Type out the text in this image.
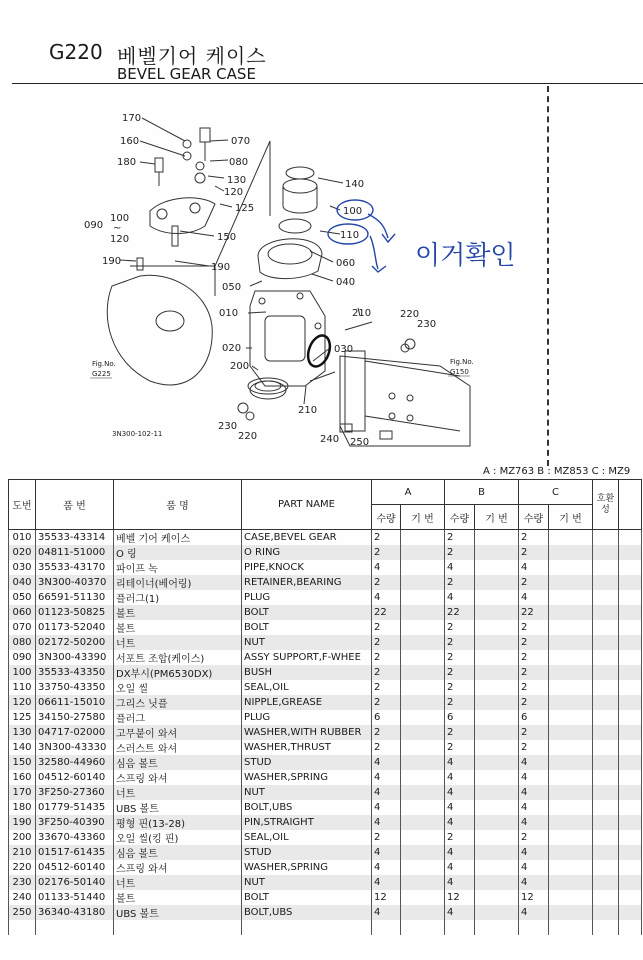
G220 베벨기어 케이스
BEVEL GEAR CASE
이거확인
170
070
160
080
180
130
120
125
140
090
100
~
120
100
110
150
190
190	060
050	040
010	210	220
230
020	030
200
210
230
220	240 250
Fig.No.
G225
Fig.No.
G150
3N300-102-11
A : MZ763 B : MZ853 C : MZ9
도번	품 번	품 명	PART NAME	A		B		C		호환성	
				수량	기 번	수량	기 번	수량	기 번		
010	35533-43314	베벨 기어 케이스	CASE,BEVEL GEAR	2		2		2			
020	04811-51000	O 링	O RING	2		2		2			
030	35533-43170	파이프 녹	PIPE,KNOCK	4		4		4			
040	3N300-40370	리테이너(베어링)	RETAINER,BEARING	2		2		2			
050	66591-51130	플러그(1)	PLUG	4		4		4			
060	01123-50825	볼트	BOLT	22		22		22			
070	01173-52040	볼트	BOLT	2		2		2			
080	02172-50200	너트	NUT	2		2		2			
090	3N300-43390	서포트 조합(케이스)	ASSY SUPPORT,F-WHEE	2		2		2			
100	35533-43350	DX부시(PM6530DX)	BUSH	2		2		2			
110	33750-43350	오일 씰	SEAL,OIL	2		2		2			
120	06611-15010	그리스 닛플	NIPPLE,GREASE	2		2		2			
125	34150-27580	플러그	PLUG	6		6		6			
130	04717-02000	고무붙이 와셔	WASHER,WITH RUBBER	2		2		2			
140	3N300-43330	스러스트 와셔	WASHER,THRUST	2		2		2			
150	32580-44960	심음 볼트	STUD	4		4		4			
160	04512-60140	스프링 와셔	WASHER,SPRING	4		4		4			
170	3F250-27360	너트	NUT	4		4		4			
180	01779-51435	UBS 볼트	BOLT,UBS	4		4		4			
190	3F250-40390	평형 핀(13-28)	PIN,STRAIGHT	4		4		4			
200	33670-43360	오일 씰(킹 핀)	SEAL,OIL	2		2		2			
210	01517-61435	심음 볼트	STUD	4		4		4			
220	04512-60140	스프링 와셔	WASHER,SPRING	4		4		4			
230	02176-50140	너트	NUT	4		4		4			
240	01133-51440	볼트	BOLT	12		12		12			
250	36340-43180	UBS 볼트	BOLT,UBS	4		4		4			
